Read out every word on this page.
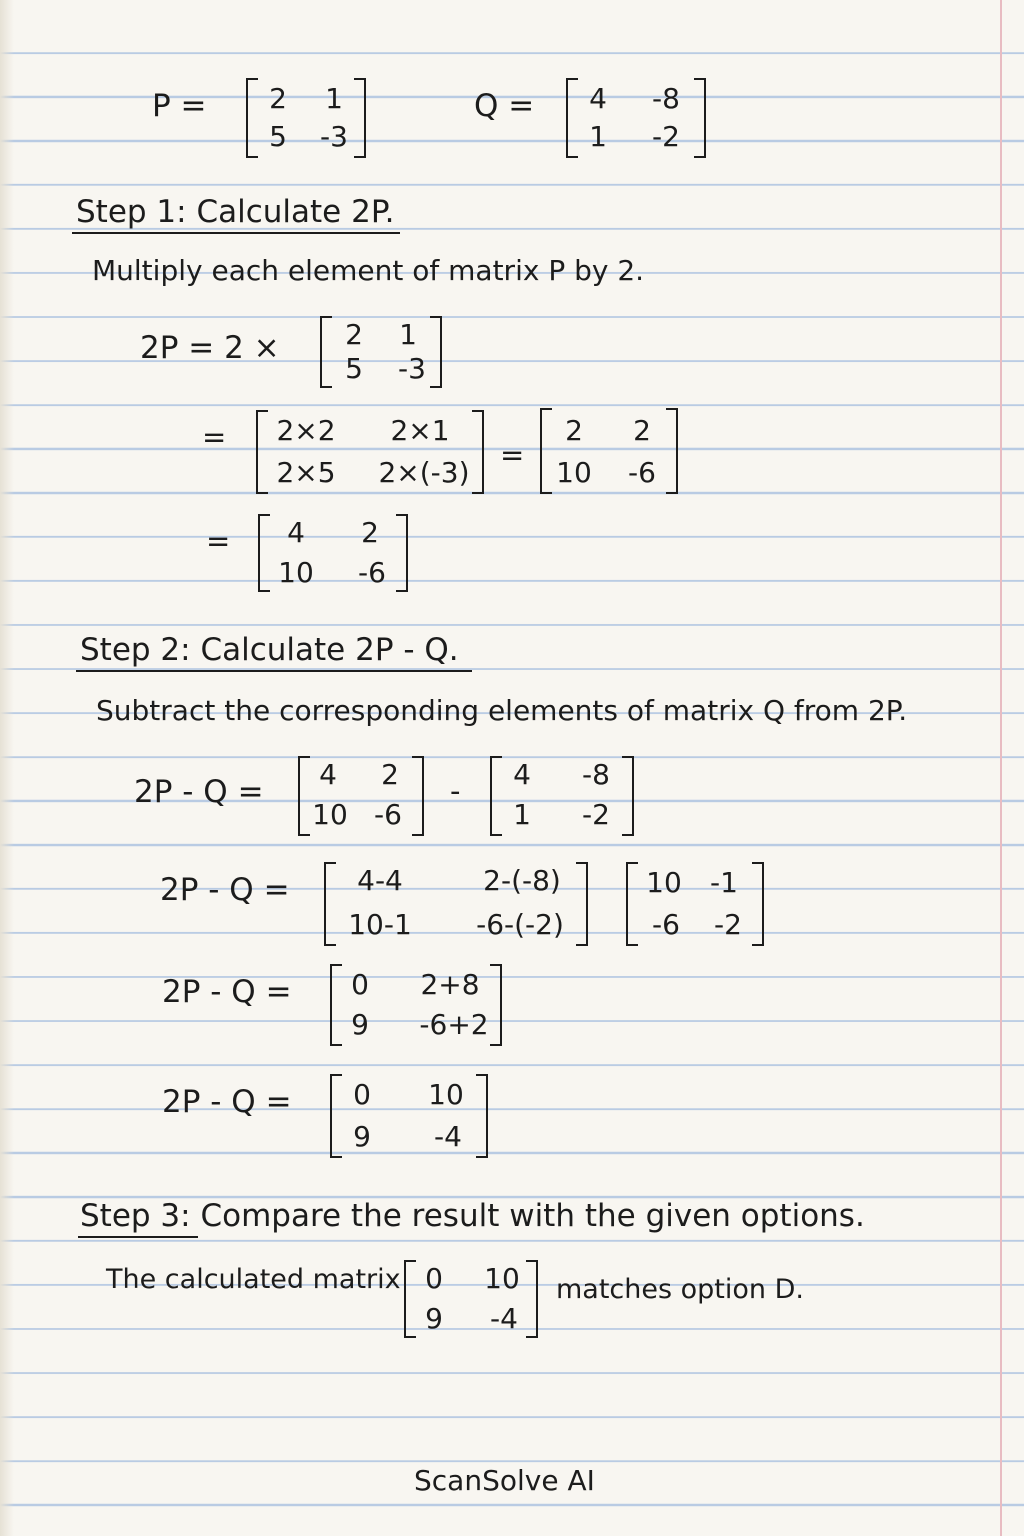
P = 2 1
5 -3
Q = 4 -8
1 -2
Step 1: Calculate 2P.
Multiply each element of matrix P by 2.
2P = 2 × 2 1
5 -3
= 2×2 2×1
2×5 2×(-3)
=
2 2
10 -6
= 4 2
10 -6
Step 2: Calculate 2P - Q.
Subtract the corresponding elements of matrix Q from 2P.
2P - Q = 4 2
10 -6
- 4 -8
1 -2
2P - Q = 4-4	2-(-8)
10-1 -6-(-2)
10 -1
-6 -2
2P - Q = 0 2+8
9 -6+2
2P - Q = 0 10
9 -4
Step 3: Compare the result with the given options.
The calculated matrix 0 10
9 -4
matches option D.
ScanSolve AI
